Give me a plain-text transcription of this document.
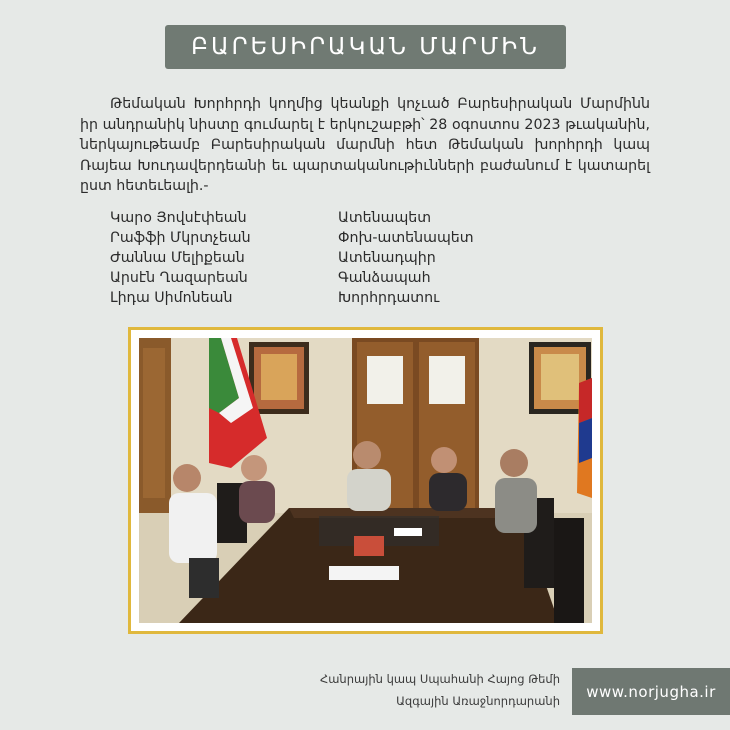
ԲԱՐԵՍԻՐԱԿԱՆ ՄԱՐՄԻՆ

Թեմական Խորհրդի կողմից կեանքի կոչւած Բարեսիրական Մարմինն իր անդրանիկ նիստը գումարել է երկուշաբթի՝ 28 օգոստոս 2023 թւականին, ներկայութեամբ Բարեսիրական մարմնի հետ Թեմական խորհրդի կապ Ռայեա Խուդավերդեանի եւ պարտականութիւնների բաժանում է կատարել ըստ հետեւեալի.-

Կարօ Յովսէփեան	Ատենապետ
Րաֆֆի Մկրտչեան	Փոխ-ատենապետ
Ժաննա Մելիքեան	Ատենադպիր
Արսէն Ղազարեան	Գանձապահ
Լիդա Սիմոնեան	Խորհրդատու
Հանրային կապ Սպահանի Հայոց Թեմի
Ազգային Առաջնորդարանի
www.norjugha.ir
